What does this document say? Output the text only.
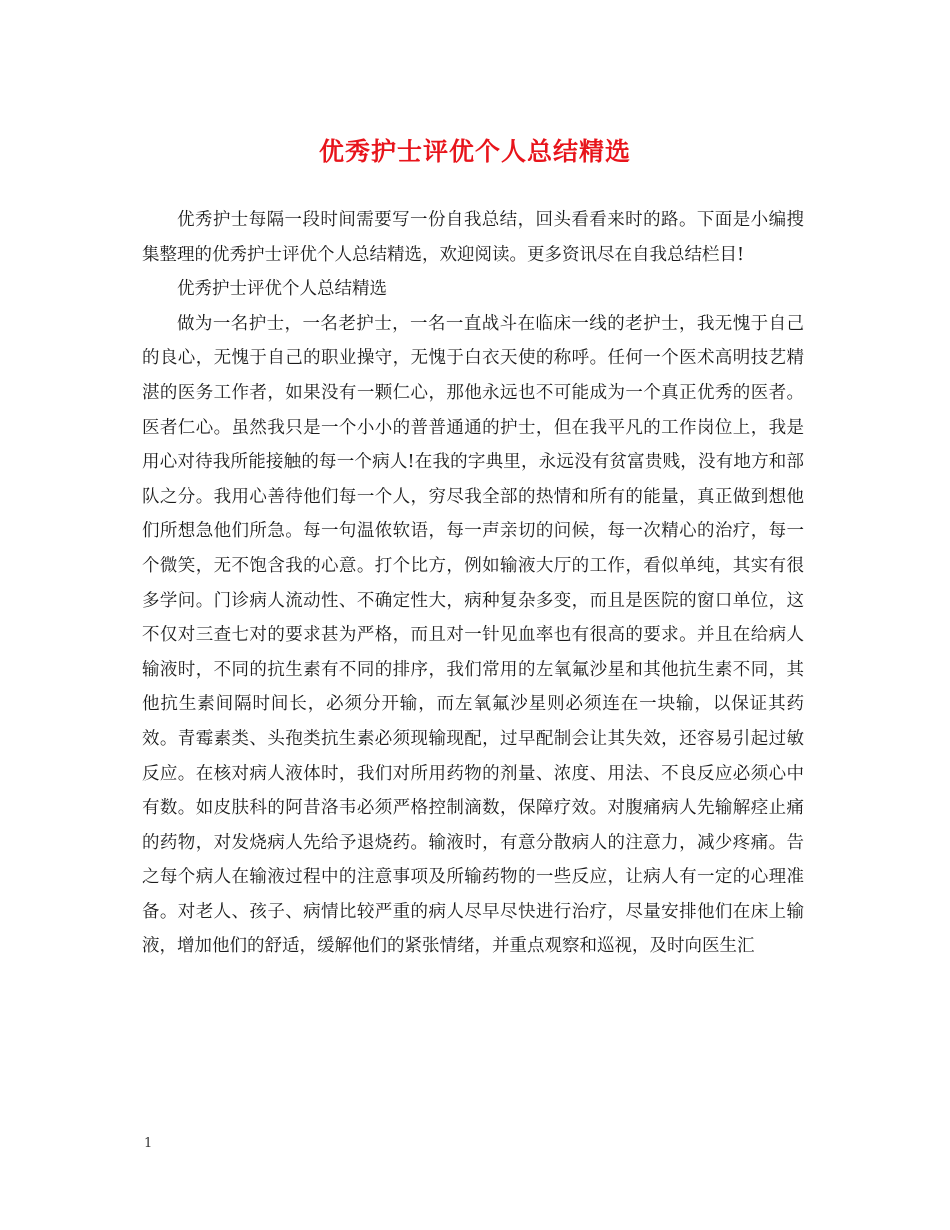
优秀护士评优个人总结精选

优秀护士每隔一段时间需要写一份自我总结，回头看看来时的路。下面是小编搜集整理的优秀护士评优个人总结精选，欢迎阅读。更多资讯尽在自我总结栏目!

优秀护士评优个人总结精选

做为一名护士，一名老护士，一名一直战斗在临床一线的老护士，我无愧于自己的良心，无愧于自己的职业操守，无愧于白衣天使的称呼。任何一个医术高明技艺精湛的医务工作者，如果没有一颗仁心，那他永远也不可能成为一个真正优秀的医者。医者仁心。虽然我只是一个小小的普普通通的护士，但在我平凡的工作岗位上，我是用心对待我所能接触的每一个病人!在我的字典里，永远没有贫富贵贱，没有地方和部队之分。我用心善待他们每一个人，穷尽我全部的热情和所有的能量，真正做到想他们所想急他们所急。每一句温侬软语，每一声亲切的问候，每一次精心的治疗，每一个微笑，无不饱含我的心意。打个比方，例如输液大厅的工作，看似单纯，其实有很多学问。门诊病人流动性、不确定性大，病种复杂多变，而且是医院的窗口单位，这不仅对三查七对的要求甚为严格，而且对一针见血率也有很高的要求。并且在给病人输液时，不同的抗生素有不同的排序，我们常用的左氧氟沙星和其他抗生素不同，其他抗生素间隔时间长，必须分开输，而左氧氟沙星则必须连在一块输，以保证其药效。青霉素类、头孢类抗生素必须现输现配，过早配制会让其失效，还容易引起过敏反应。在核对病人液体时，我们对所用药物的剂量、浓度、用法、不良反应必须心中有数。如皮肤科的阿昔洛韦必须严格控制滴数，保障疗效。对腹痛病人先输解痉止痛的药物，对发烧病人先给予退烧药。输液时，有意分散病人的注意力，减少疼痛。告之每个病人在输液过程中的注意事项及所输药物的一些反应，让病人有一定的心理准备。对老人、孩子、病情比较严重的病人尽早尽快进行治疗，尽量安排他们在床上输液，增加他们的舒适，缓解他们的紧张情绪，并重点观察和巡视，及时向医生汇

1
